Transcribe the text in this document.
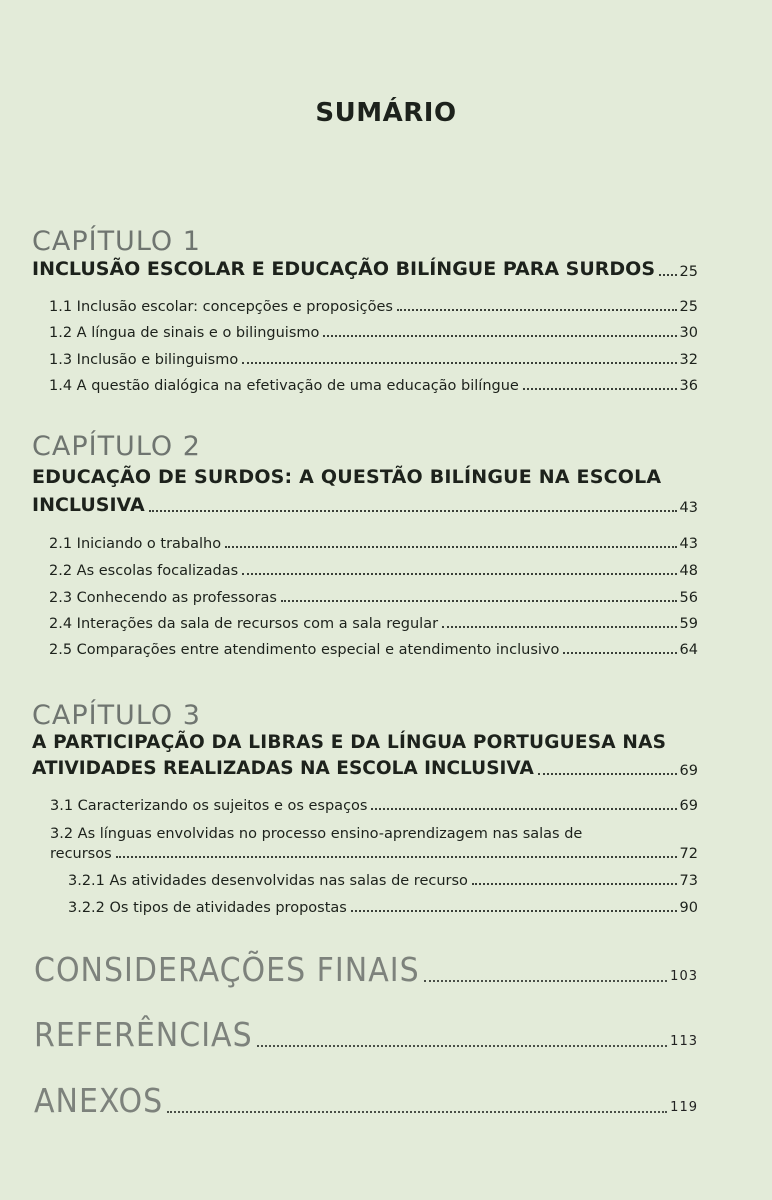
SUMÁRIO
CAPÍTULO 1
INCLUSÃO ESCOLAR E EDUCAÇÃO BILÍNGUE PARA SURDOS 25
1.1 Inclusão escolar: concepções e proposições	25
1.2 A língua de sinais e o bilinguismo	30
1.3 Inclusão e bilinguismo	32
1.4 A questão dialógica na efetivação de uma educação bilíngue	36
CAPÍTULO 2
EDUCAÇÃO DE SURDOS: A QUESTÃO BILÍNGUE NA ESCOLA
INCLUSIVA	43
2.1 Iniciando o trabalho	43
2.2 As escolas focalizadas	48
2.3 Conhecendo as professoras	56
2.4 Interações da sala de recursos com a sala regular	59
2.5 Comparações entre atendimento especial e atendimento inclusivo	64
CAPÍTULO 3
A PARTICIPAÇÃO DA LIBRAS E DA LÍNGUA PORTUGUESA NAS
ATIVIDADES REALIZADAS NA ESCOLA INCLUSIVA	69
3.1 Caracterizando os sujeitos e os espaços	69
3.2 As línguas envolvidas no processo ensino-aprendizagem nas salas de
recursos	72
3.2.1 As atividades desenvolvidas nas salas de recurso	73
3.2.2 Os tipos de atividades propostas	90
CONSIDERAÇÕES FINAIS	103
REFERÊNCIAS	113
ANEXOS	119
